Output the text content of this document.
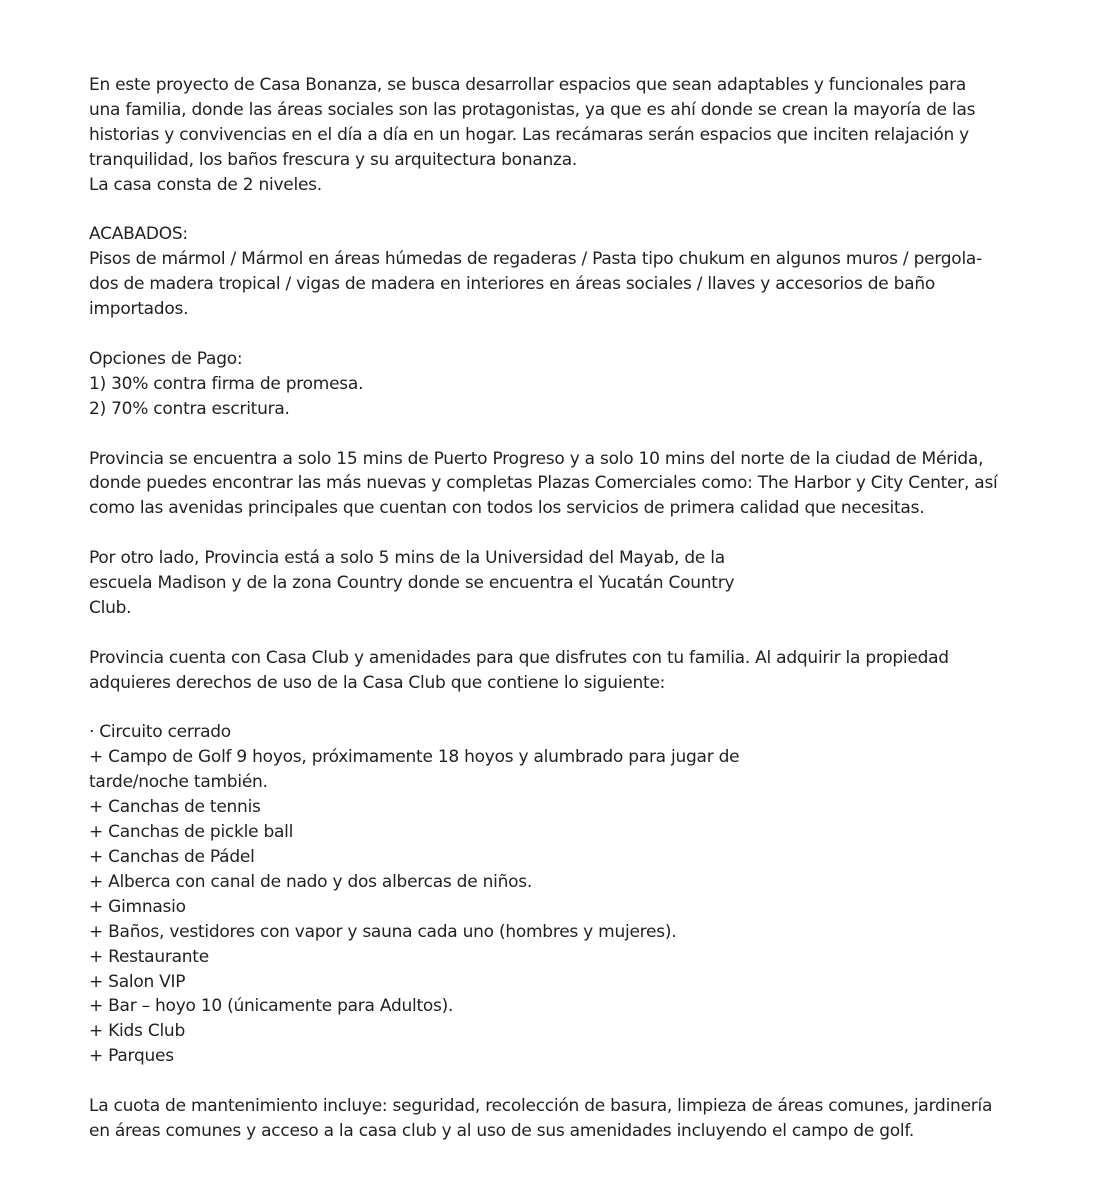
En este proyecto de Casa Bonanza, se busca desarrollar espacios que sean adaptables y funcionales para
una familia, donde las áreas sociales son las protagonistas, ya que es ahí donde se crean la mayoría de las
historias y convivencias en el día a día en un hogar. Las recámaras serán espacios que inciten relajación y
tranquilidad, los baños frescura y su arquitectura bonanza.
La casa consta de 2 niveles.
ACABADOS:
Pisos de mármol / Mármol en áreas húmedas de regaderas / Pasta tipo chukum en algunos muros / pergola-
dos de madera tropical / vigas de madera en interiores en áreas sociales / llaves y accesorios de baño
importados.
Opciones de Pago:
1) 30% contra firma de promesa.
2) 70% contra escritura.
Provincia se encuentra a solo 15 mins de Puerto Progreso y a solo 10 mins del norte de la ciudad de Mérida,
donde puedes encontrar las más nuevas y completas Plazas Comerciales como: The Harbor y City Center, así
como las avenidas principales que cuentan con todos los servicios de primera calidad que necesitas.
Por otro lado, Provincia está a solo 5 mins de la Universidad del Mayab, de la
escuela Madison y de la zona Country donde se encuentra el Yucatán Country
Club.
Provincia cuenta con Casa Club y amenidades para que disfrutes con tu familia. Al adquirir la propiedad
adquieres derechos de uso de la Casa Club que contiene lo siguiente:
· Circuito cerrado
+ Campo de Golf 9 hoyos, próximamente 18 hoyos y alumbrado para jugar de
tarde/noche también.
+ Canchas de tennis
+ Canchas de pickle ball
+ Canchas de Pádel
+ Alberca con canal de nado y dos albercas de niños.
+ Gimnasio
+ Baños, vestidores con vapor y sauna cada uno (hombres y mujeres).
+ Restaurante
+ Salon VIP
+ Bar – hoyo 10 (únicamente para Adultos).
+ Kids Club
+ Parques
La cuota de mantenimiento incluye: seguridad, recolección de basura, limpieza de áreas comunes, jardinería
en áreas comunes y acceso a la casa club y al uso de sus amenidades incluyendo el campo de golf.
